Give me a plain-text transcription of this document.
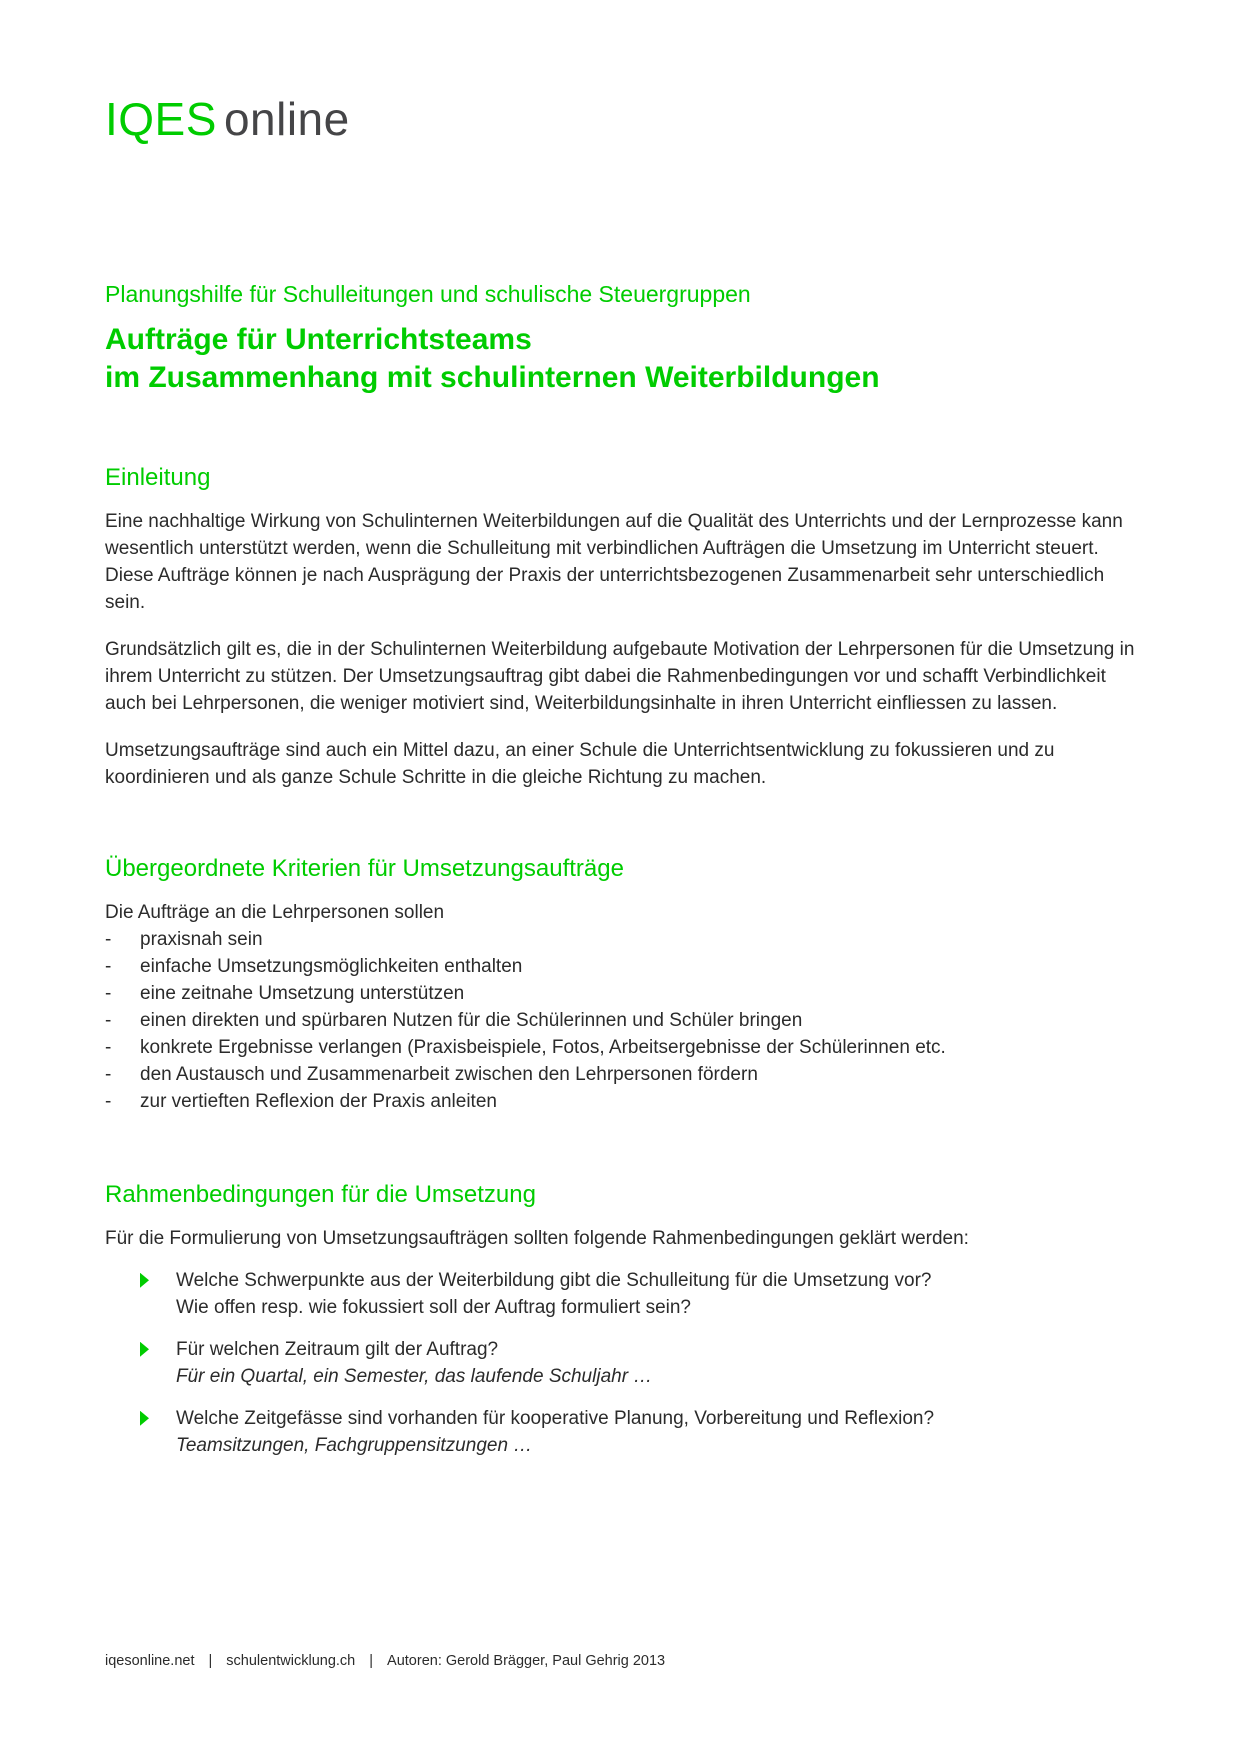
IQES online
Planungshilfe für Schulleitungen und schulische Steuergruppen
Aufträge für Unterrichtsteams
im Zusammenhang mit schulinternen Weiterbildungen
Einleitung

Eine nachhaltige Wirkung von Schulinternen Weiterbildungen auf die Qualität des Unterrichts und der Lernprozesse kann wesentlich unterstützt werden, wenn die Schulleitung mit verbindlichen Aufträgen die Umsetzung im Unterricht steuert. Diese Aufträge können je nach Ausprägung der Praxis der unterrichtsbezogenen Zusammenarbeit sehr unterschiedlich sein.

Grundsätzlich gilt es, die in der Schulinternen Weiterbildung aufgebaute Motivation der Lehrpersonen für die Umsetzung in ihrem Unterricht zu stützen. Der Umsetzungsauftrag gibt dabei die Rahmenbedingungen vor und schafft Verbindlichkeit auch bei Lehrpersonen, die weniger motiviert sind, Weiterbildungsinhalte in ihren Unterricht einfliessen zu lassen.

Umsetzungsaufträge sind auch ein Mittel dazu, an einer Schule die Unterrichtsentwicklung zu fokussieren und zu koordinieren und als ganze Schule Schritte in die gleiche Richtung zu machen.

Übergeordnete Kriterien für Umsetzungsaufträge

Die Aufträge an die Lehrpersonen sollen

-	praxisnah sein
-	einfache Umsetzungsmöglichkeiten enthalten
-	eine zeitnahe Umsetzung unterstützen
-	einen direkten und spürbaren Nutzen für die Schülerinnen und Schüler bringen
-	konkrete Ergebnisse verlangen (Praxisbeispiele, Fotos, Arbeitsergebnisse der Schülerinnen etc.
-	den Austausch und Zusammenarbeit zwischen den Lehrpersonen fördern
-	zur vertieften Reflexion der Praxis anleiten
Rahmenbedingungen für die Umsetzung

Für die Formulierung von Umsetzungsaufträgen sollten folgende Rahmenbedingungen geklärt werden:

Welche Schwerpunkte aus der Weiterbildung gibt die Schulleitung für die Umsetzung vor?
Wie offen resp. wie fokussiert soll der Auftrag formuliert sein?
Für welchen Zeitraum gilt der Auftrag?
Für ein Quartal, ein Semester, das laufende Schuljahr …
Welche Zeitgefässe sind vorhanden für kooperative Planung, Vorbereitung und Reflexion?
Teamsitzungen, Fachgruppensitzungen …
iqesonline.net | schulentwicklung.ch | Autoren: Gerold Brägger, Paul Gehrig 2013
